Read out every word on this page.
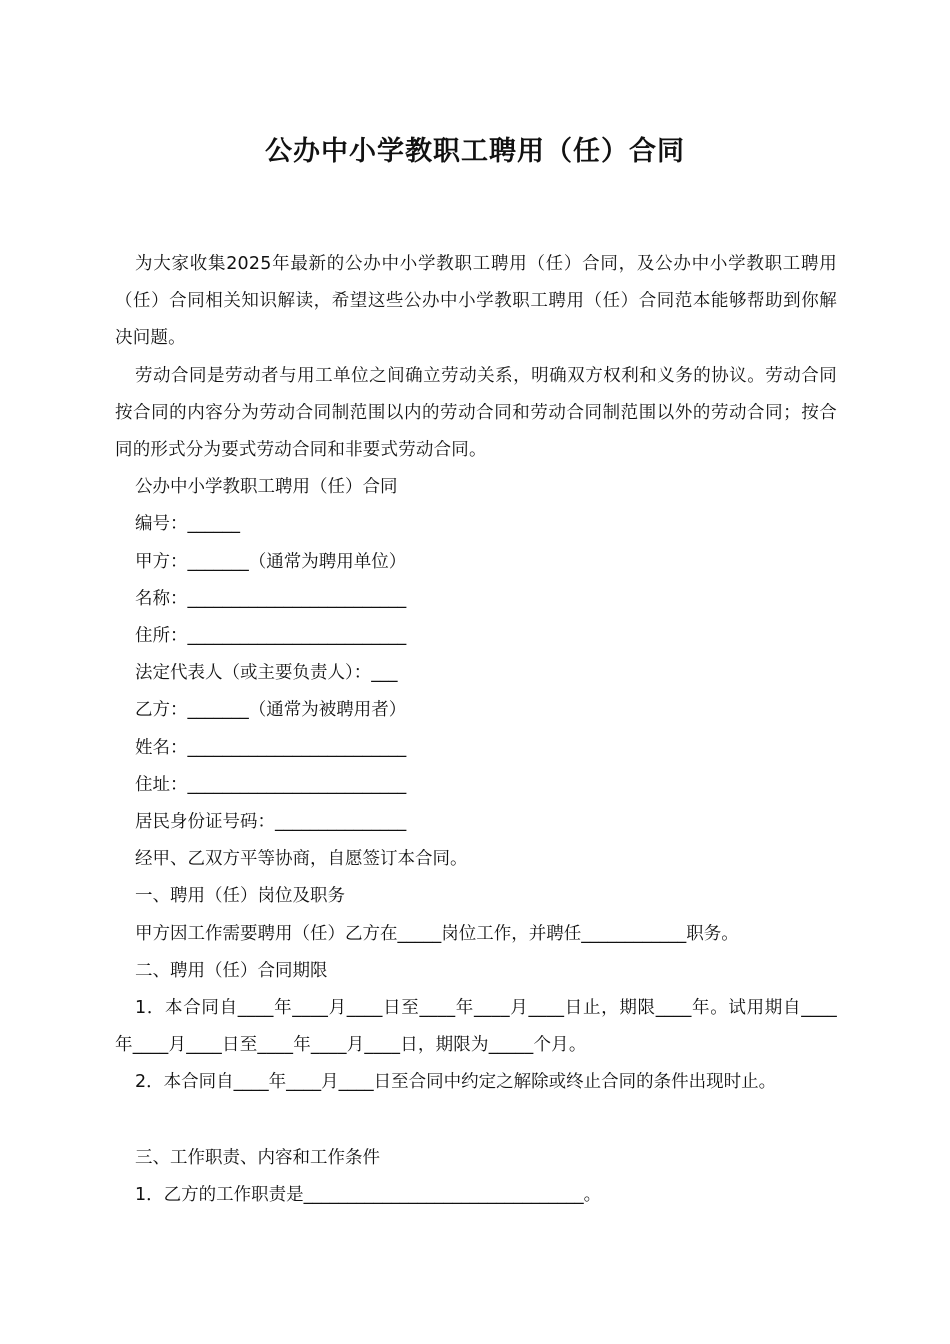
公办中小学教职工聘用（任）合同

为大家收集2025年最新的公办中小学教职工聘用（任）合同，及公办中小学教职工聘用（任）合同相关知识解读，希望这些公办中小学教职工聘用（任）合同范本能够帮助到你解决问题。

劳动合同是劳动者与用工单位之间确立劳动关系，明确双方权利和义务的协议。劳动合同按合同的内容分为劳动合同制范围以内的劳动合同和劳动合同制范围以外的劳动合同；按合同的形式分为要式劳动合同和非要式劳动合同。

公办中小学教职工聘用（任）合同

编号：______

甲方：_______（通常为聘用单位）

名称：_________________________

住所：_________________________

法定代表人（或主要负责人）：___

乙方：_______（通常为被聘用者）

姓名：_________________________

住址：_________________________

居民身份证号码：_______________

经甲、乙双方平等协商，自愿签订本合同。

一、聘用（任）岗位及职务

甲方因工作需要聘用（任）乙方在_____岗位工作，并聘任____________职务。

二、聘用（任）合同期限

1．本合同自____年____月____日至____年____月____日止，期限____年。试用期自____年____月____日至____年____月____日，期限为_____个月。

2．本合同自____年____月____日至合同中约定之解除或终止合同的条件出现时止。

三、工作职责、内容和工作条件

1．乙方的工作职责是________________________________。
